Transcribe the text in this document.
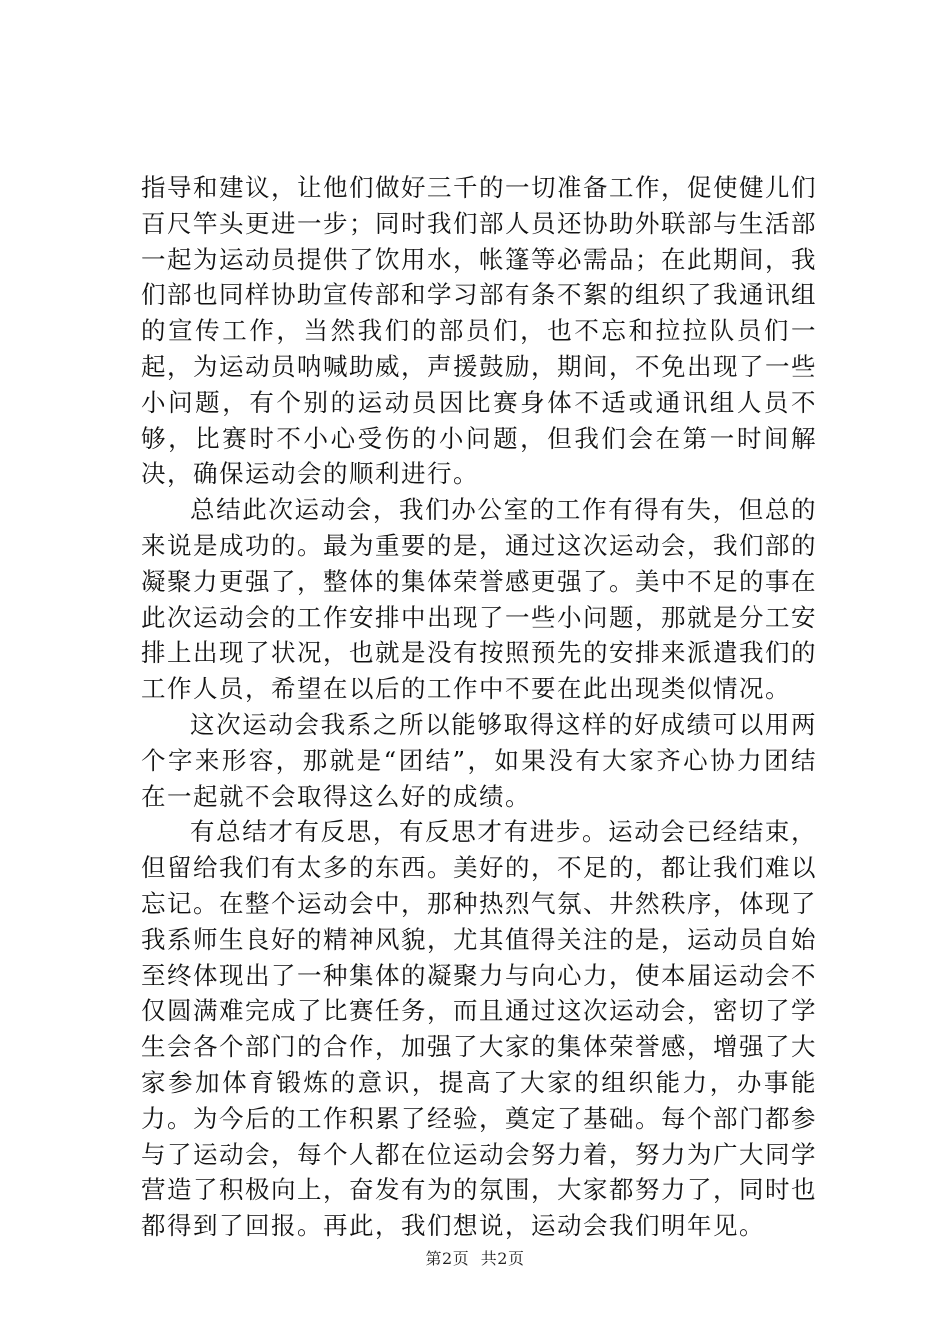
指导和建议，让他们做好三千的一切准备工作，促使健儿们百尺竿头更进一步；同时我们部人员还协助外联部与生活部一起为运动员提供了饮用水，帐篷等必需品；在此期间，我们部也同样协助宣传部和学习部有条不絮的组织了我通讯组的宣传工作，当然我们的部员们，也不忘和拉拉队员们一起，为运动员呐喊助威，声援鼓励，期间，不免出现了一些小问题，有个别的运动员因比赛身体不适或通讯组人员不够，比赛时不小心受伤的小问题，但我们会在第一时间解决，确保运动会的顺利进行。

总结此次运动会，我们办公室的工作有得有失，但总的来说是成功的。最为重要的是，通过这次运动会，我们部的凝聚力更强了，整体的集体荣誉感更强了。美中不足的事在此次运动会的工作安排中出现了一些小问题，那就是分工安排上出现了状况，也就是没有按照预先的安排来派遣我们的工作人员，希望在以后的工作中不要在此出现类似情况。

这次运动会我系之所以能够取得这样的好成绩可以用两个字来形容，那就是“团结”，如果没有大家齐心协力团结在一起就不会取得这么好的成绩。

有总结才有反思，有反思才有进步。运动会已经结束，但留给我们有太多的东西。美好的，不足的，都让我们难以忘记。在整个运动会中，那种热烈气氛、井然秩序，体现了我系师生良好的精神风貌，尤其值得关注的是，运动员自始至终体现出了一种集体的凝聚力与向心力，使本届运动会不仅圆满难完成了比赛任务，而且通过这次运动会，密切了学生会各个部门的合作，加强了大家的集体荣誉感，增强了大家参加体育锻炼的意识，提高了大家的组织能力，办事能力。为今后的工作积累了经验，奠定了基础。每个部门都参与了运动会，每个人都在位运动会努力着，努力为广大同学营造了积极向上，奋发有为的氛围，大家都努力了，同时也都得到了回报。再此，我们想说，运动会我们明年见。

第2页 共2页
